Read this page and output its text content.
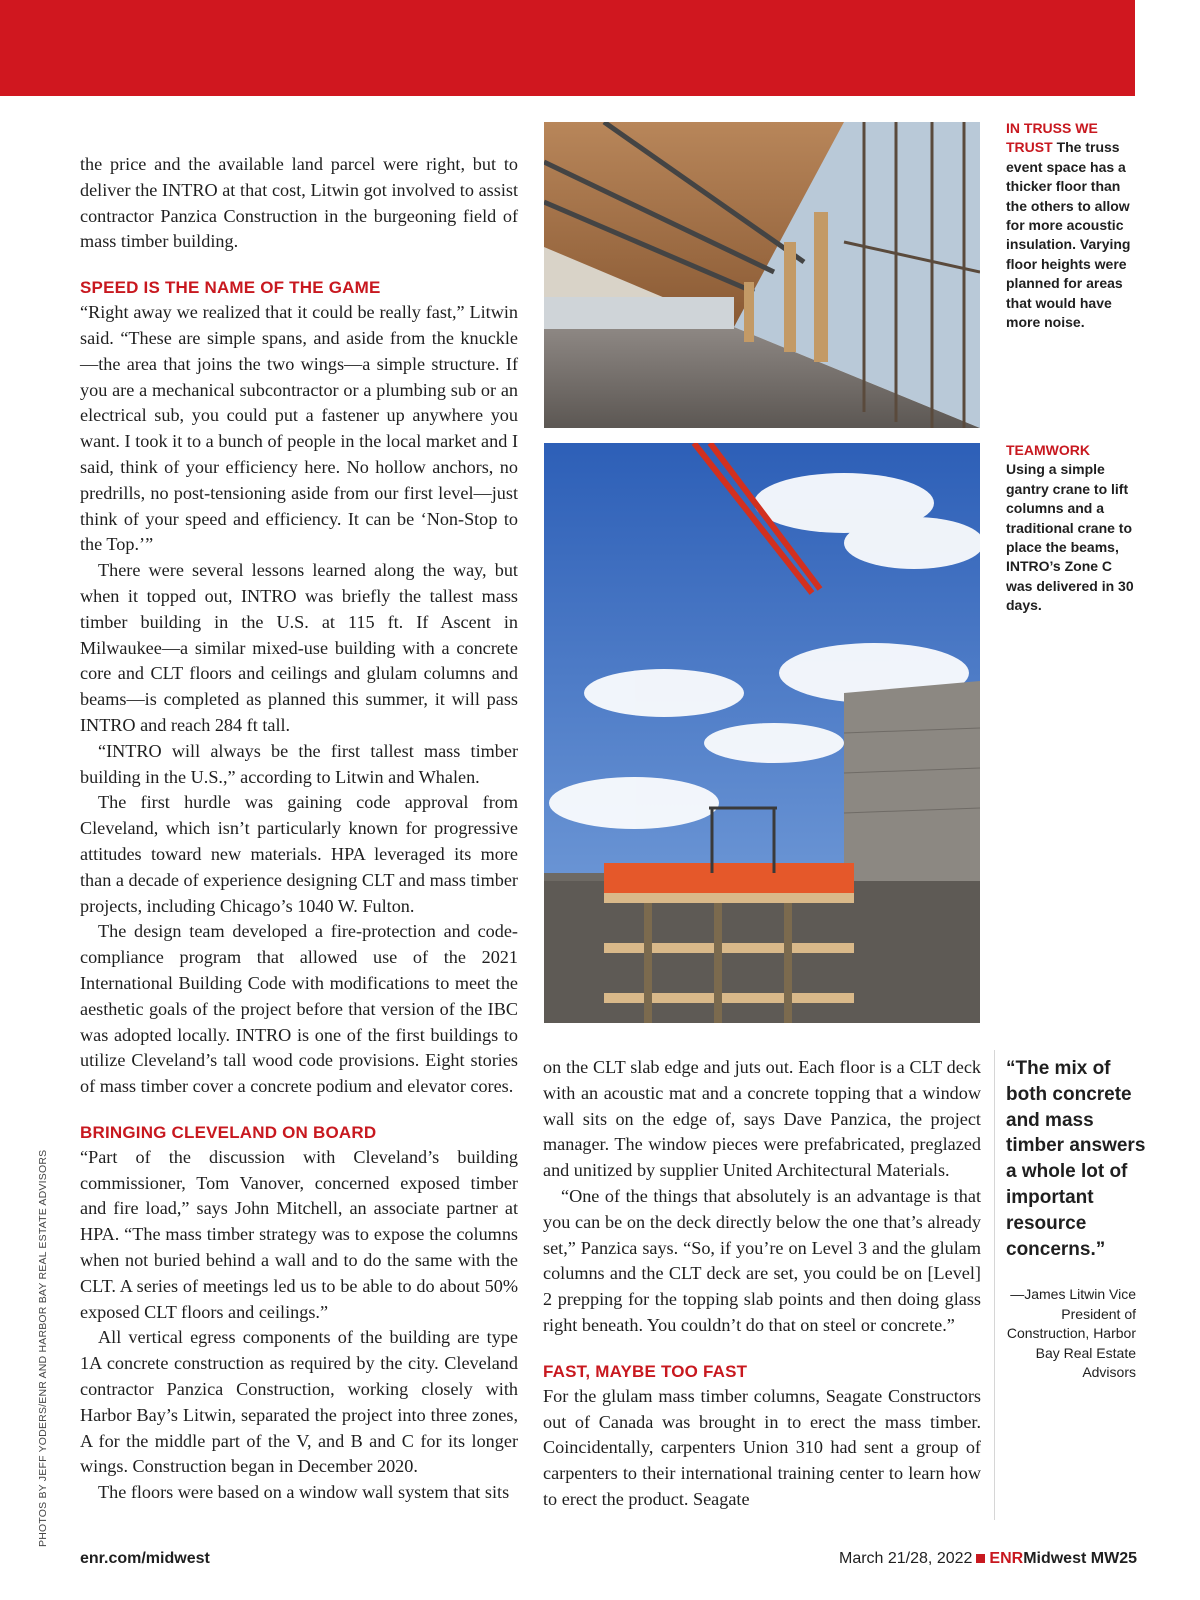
PHOTOS BY JEFF YODERS/ENR AND HARBOR BAY REAL ESTATE ADVISORS

the price and the available land parcel were right, but to deliver the INTRO at that cost, Litwin got involved to assist contractor Panzica Construction in the burgeoning field of mass timber building.

SPEED IS THE NAME OF THE GAME

“Right away we realized that it could be really fast,” Litwin said. “These are simple spans, and aside from the knuckle—the area that joins the two wings—a simple structure. If you are a mechanical subcontractor or a plumbing sub or an electrical sub, you could put a fastener up anywhere you want. I took it to a bunch of people in the local market and I said, think of your efficiency here. No hollow anchors, no predrills, no post-tensioning aside from our first level—just think of your speed and efficiency. It can be ‘Non-Stop to the Top.’”

There were several lessons learned along the way, but when it topped out, INTRO was briefly the tallest mass timber building in the U.S. at 115 ft. If Ascent in Milwaukee—a similar mixed-use building with a concrete core and CLT floors and ceilings and glulam columns and beams—is completed as planned this summer, it will pass INTRO and reach 284 ft tall.

“INTRO will always be the first tallest mass timber building in the U.S.,” according to Litwin and Whalen.

The first hurdle was gaining code approval from Cleveland, which isn’t particularly known for progressive attitudes toward new materials. HPA leveraged its more than a decade of experience designing CLT and mass timber projects, including Chicago’s 1040 W. Fulton.

The design team developed a fire-protection and code-compliance program that allowed use of the 2021 International Building Code with modifications to meet the aesthetic goals of the project before that version of the IBC was adopted locally. INTRO is one of the first buildings to utilize Cleveland’s tall wood code provisions. Eight stories of mass timber cover a concrete podium and elevator cores.

BRINGING CLEVELAND ON BOARD

“Part of the discussion with Cleveland’s building commissioner, Tom Vanover, concerned exposed timber and fire load,” says John Mitchell, an associate partner at HPA. “The mass timber strategy was to expose the columns when not buried behind a wall and to do the same with the CLT. A series of meetings led us to be able to do about 50% exposed CLT floors and ceilings.”

All vertical egress components of the building are type 1A concrete construction as required by the city. Cleveland contractor Panzica Construction, working closely with Harbor Bay’s Litwin, separated the project into three zones, A for the middle part of the V, and B and C for its longer wings. Construction began in December 2020.

The floors were based on a window wall system that sits

IN TRUSS WE TRUST The truss event space has a thicker floor than the others to allow for more acoustic insulation. Varying floor heights were planned for areas that would have more noise.
TEAMWORK
Using a simple gantry crane to lift columns and a traditional crane to place the beams, INTRO’s Zone C was delivered in 30 days.

on the CLT slab edge and juts out. Each floor is a CLT deck with an acoustic mat and a concrete topping that a window wall sits on the edge of, says Dave Panzica, the project manager. The window pieces were prefabricated, preglazed and unitized by supplier United Architectural Materials.

“One of the things that absolutely is an advantage is that you can be on the deck directly below the one that’s already set,” Panzica says. “So, if you’re on Level 3 and the glulam columns and the CLT deck are set, you could be on [Level] 2 prepping for the topping slab points and then doing glass right beneath. You couldn’t do that on steel or concrete.”

FAST, MAYBE TOO FAST

For the glulam mass timber columns, Seagate Constructors out of Canada was brought in to erect the mass timber. Coincidentally, carpenters Union 310 had sent a group of carpenters to their international training center to learn how to erect the product. Seagate

“The mix of both concrete and mass timber answers a whole lot of important resource concerns.”
—James Litwin Vice President of Construction, Harbor Bay Real Estate Advisors
enr.com/midwest	March 21/28, 2022 ENRMidwest MW25
